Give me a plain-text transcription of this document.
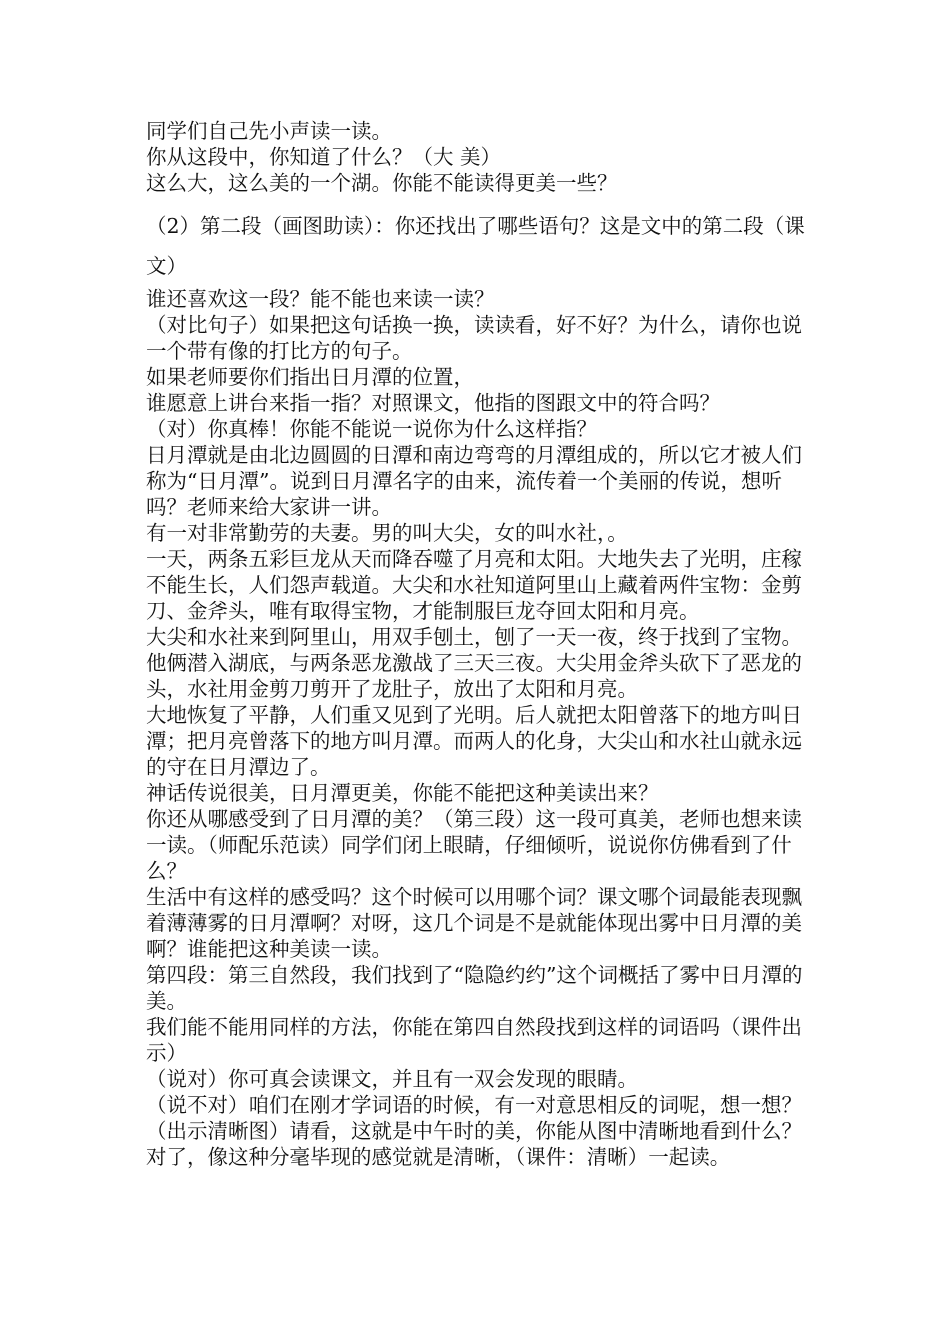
同学们自己先小声读一读。

你从这段中，你知道了什么？（大 美）

这么大，这么美的一个湖。你能不能读得更美一些？

（2）第二段（画图助读）：你还找出了哪些语句？这是文中的第二段（课文）

谁还喜欢这一段？能不能也来读一读？

（对比句子）如果把这句话换一换，读读看，好不好？为什么，请你也说一个带有像的打比方的句子。

如果老师要你们指出日月潭的位置，

谁愿意上讲台来指一指？对照课文，他指的图跟文中的符合吗？

（对）你真棒！你能不能说一说你为什么这样指？

日月潭就是由北边圆圆的日潭和南边弯弯的月潭组成的，所以它才被人们称为“日月潭”。说到日月潭名字的由来，流传着一个美丽的传说，想听吗？老师来给大家讲一讲。

有一对非常勤劳的夫妻。男的叫大尖，女的叫水社，。

一天，两条五彩巨龙从天而降吞噬了月亮和太阳。大地失去了光明，庄稼不能生长，人们怨声载道。大尖和水社知道阿里山上藏着两件宝物：金剪刀、金斧头，唯有取得宝物，才能制服巨龙夺回太阳和月亮。

大尖和水社来到阿里山，用双手刨土，刨了一天一夜，终于找到了宝物。他俩潜入湖底，与两条恶龙激战了三天三夜。大尖用金斧头砍下了恶龙的头，水社用金剪刀剪开了龙肚子，放出了太阳和月亮。

大地恢复了平静，人们重又见到了光明。后人就把太阳曾落下的地方叫日潭；把月亮曾落下的地方叫月潭。而两人的化身，大尖山和水社山就永远的守在日月潭边了。

神话传说很美，日月潭更美，你能不能把这种美读出来？

你还从哪感受到了日月潭的美？（第三段）这一段可真美，老师也想来读一读。（师配乐范读）同学们闭上眼睛，仔细倾听，说说你仿佛看到了什么？

生活中有这样的感受吗？这个时候可以用哪个词？课文哪个词最能表现飘着薄薄雾的日月潭啊？对呀，这几个词是不是就能体现出雾中日月潭的美啊？谁能把这种美读一读。

第四段：第三自然段，我们找到了“隐隐约约”这个词概括了雾中日月潭的美。

我们能不能用同样的方法，你能在第四自然段找到这样的词语吗（课件出示）

（说对）你可真会读课文，并且有一双会发现的眼睛。

（说不对）咱们在刚才学词语的时候，有一对意思相反的词呢，想一想？

（出示清晰图）请看，这就是中午时的美，你能从图中清晰地看到什么？对了，像这种分毫毕现的感觉就是清晰，（课件：清晰）一起读。
